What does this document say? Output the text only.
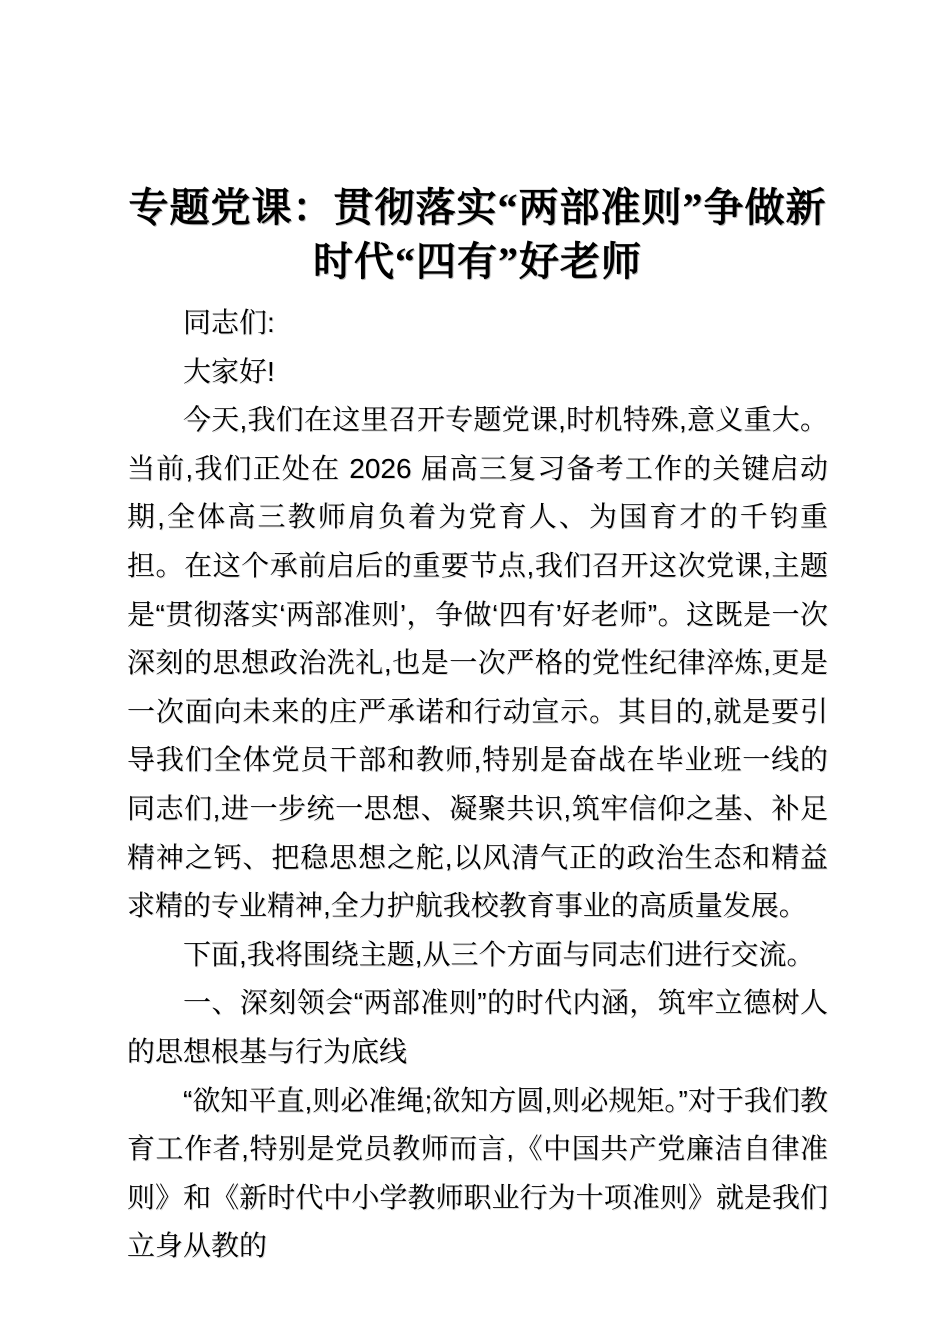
专题党课：贯彻落实“两部准则”争做新时代“四有”好老师

同志们:

大家好!

今天,我们在这里召开专题党课,时机特殊,意义重大。当前,我们正处在 2026 届高三复习备考工作的关键启动期,全体高三教师肩负着为党育人、为国育才的千钧重担。在这个承前启后的重要节点,我们召开这次党课,主题是“贯彻落实‘两部准则’，争做‘四有’好老师”。这既是一次深刻的思想政治洗礼,也是一次严格的党性纪律淬炼,更是一次面向未来的庄严承诺和行动宣示。其目的,就是要引导我们全体党员干部和教师,特别是奋战在毕业班一线的同志们,进一步统一思想、凝聚共识,筑牢信仰之基、补足精神之钙、把稳思想之舵,以风清气正的政治生态和精益求精的专业精神,全力护航我校教育事业的高质量发展。

下面,我将围绕主题,从三个方面与同志们进行交流。

一、深刻领会“两部准则”的时代内涵，筑牢立德树人的思想根基与行为底线

“欲知平直,则必准绳;欲知方圆,则必规矩。”对于我们教育工作者,特别是党员教师而言,《中国共产党廉洁自律准则》和《新时代中小学教师职业行为十项准则》就是我们立身从教的
